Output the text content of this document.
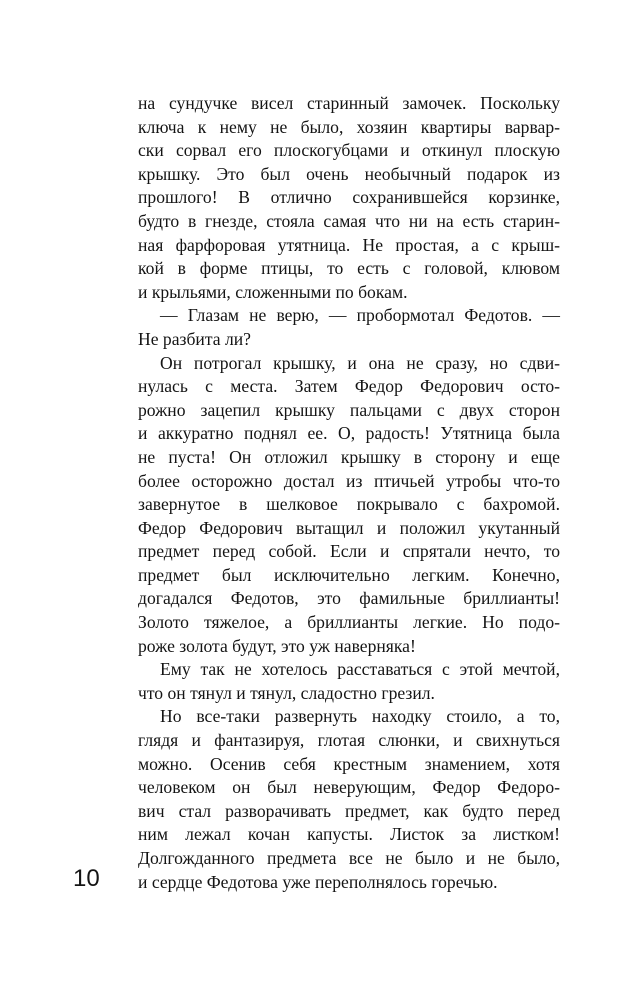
на сундучке висел старинный замочек. Поскольку
ключа к нему не было, хозяин квартиры варвар-
ски сорвал его плоскогубцами и откинул плоскую
крышку. Это был очень необычный подарок из
прошлого! В отлично сохранившейся корзинке,
будто в гнезде, стояла самая что ни на есть старин-
ная фарфоровая утятница. Не простая, а с крыш-
кой в форме птицы, то есть с головой, клювом
и крыльями, сложенными по бокам.
— Глазам не верю, — пробормотал Федотов. —
Не разбита ли?
Он потрогал крышку, и она не сразу, но сдви-
нулась с места. Затем Федор Федорович осто-
рожно зацепил крышку пальцами с двух сторон
и аккуратно поднял ее. О, радость! Утятница была
не пуста! Он отложил крышку в сторону и еще
более осторожно достал из птичьей утробы что-то
завернутое в шелковое покрывало с бахромой.
Федор Федорович вытащил и положил укутанный
предмет перед собой. Если и спрятали нечто, то
предмет был исключительно легким. Конечно,
догадался Федотов, это фамильные бриллианты!
Золото тяжелое, а бриллианты легкие. Но подо-
роже золота будут, это уж наверняка!
Ему так не хотелось расставаться с этой мечтой,
что он тянул и тянул, сладостно грезил.
Но все-таки развернуть находку стоило, а то,
глядя и фантазируя, глотая слюнки, и свихнуться
можно. Осенив себя крестным знамением, хотя
человеком он был неверующим, Федор Федоро-
вич стал разворачивать предмет, как будто перед
ним лежал кочан капусты. Листок за листком!
Долгожданного предмета все не было и не было,
и сердце Федотова уже переполнялось горечью.
10
